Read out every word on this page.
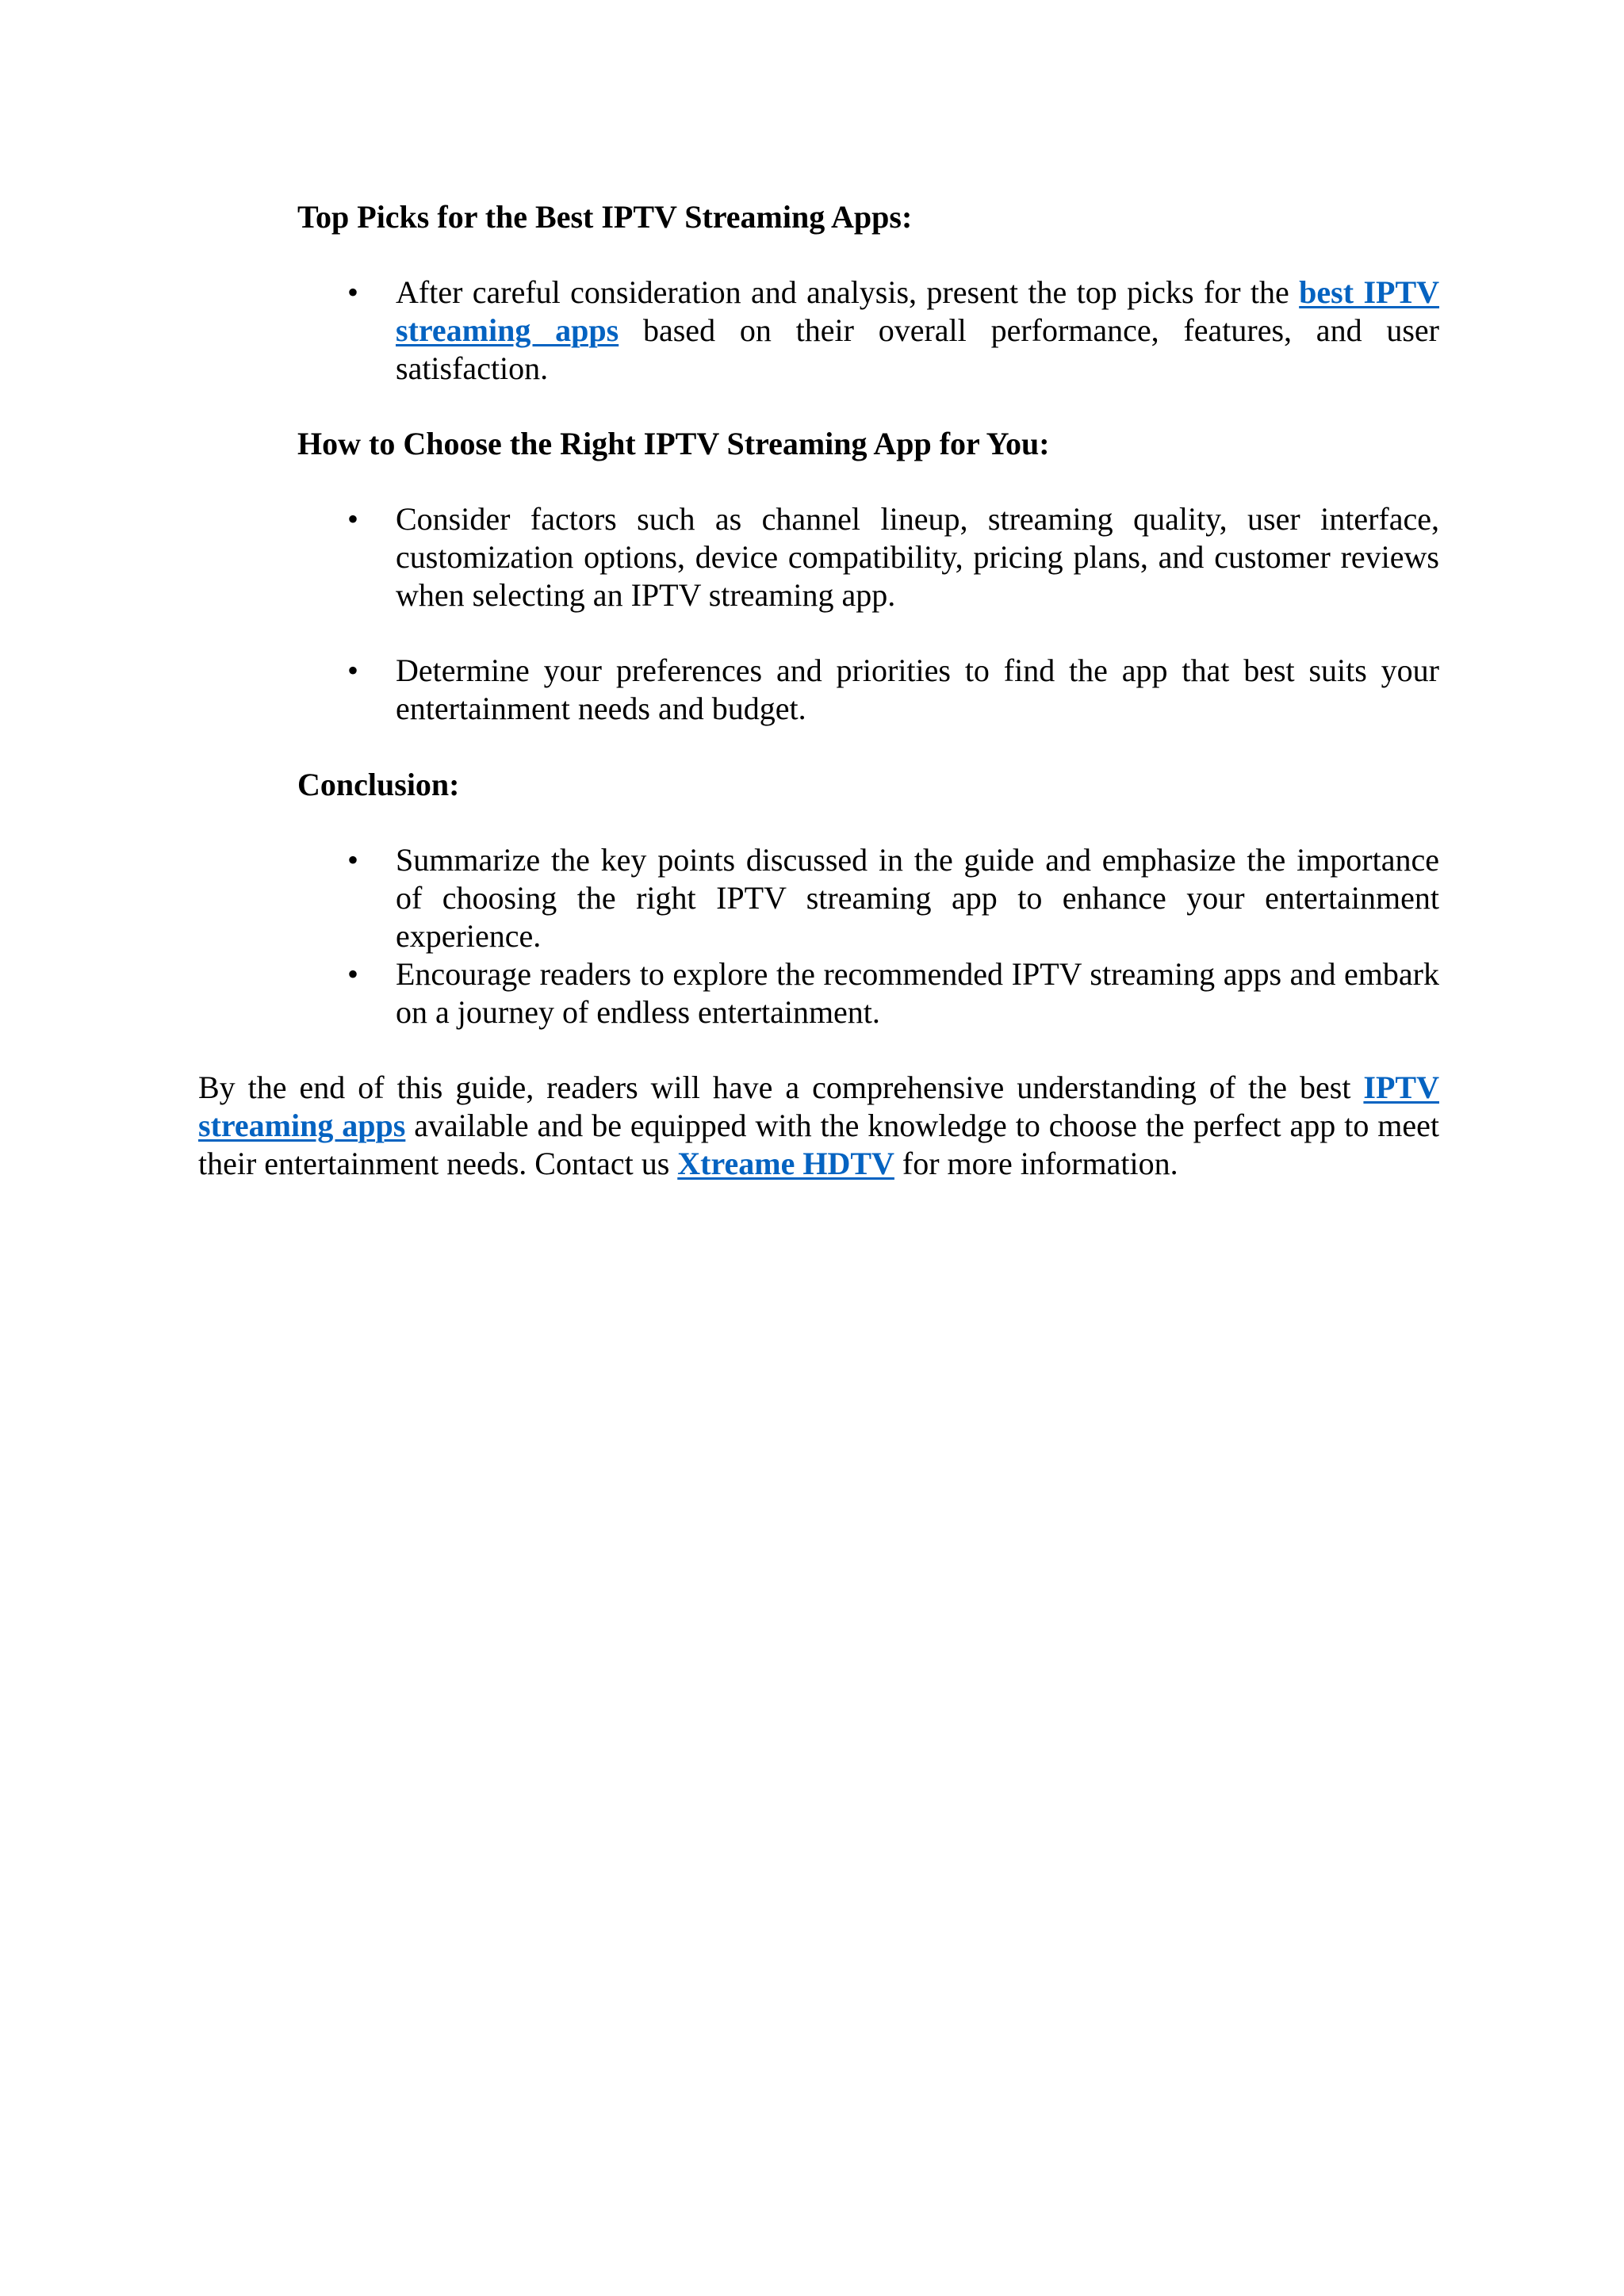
Top Picks for the Best IPTV Streaming Apps:
• After careful consideration and analysis, present the top picks for the best IPTV streaming apps based on their overall performance, features, and user satisfaction.
How to Choose the Right IPTV Streaming App for You:
• Consider factors such as channel lineup, streaming quality, user interface, customization options, device compatibility, pricing plans, and customer reviews when selecting an IPTV streaming app.
• Determine your preferences and priorities to find the app that best suits your entertainment needs and budget.
Conclusion:
• Summarize the key points discussed in the guide and emphasize the importance of choosing the right IPTV streaming app to enhance your entertainment experience.
• Encourage readers to explore the recommended IPTV streaming apps and embark on a journey of endless entertainment.

By the end of this guide, readers will have a comprehensive understanding of the best IPTV streaming apps available and be equipped with the knowledge to choose the perfect app to meet their entertainment needs. Contact us Xtreame HDTV for more information.
